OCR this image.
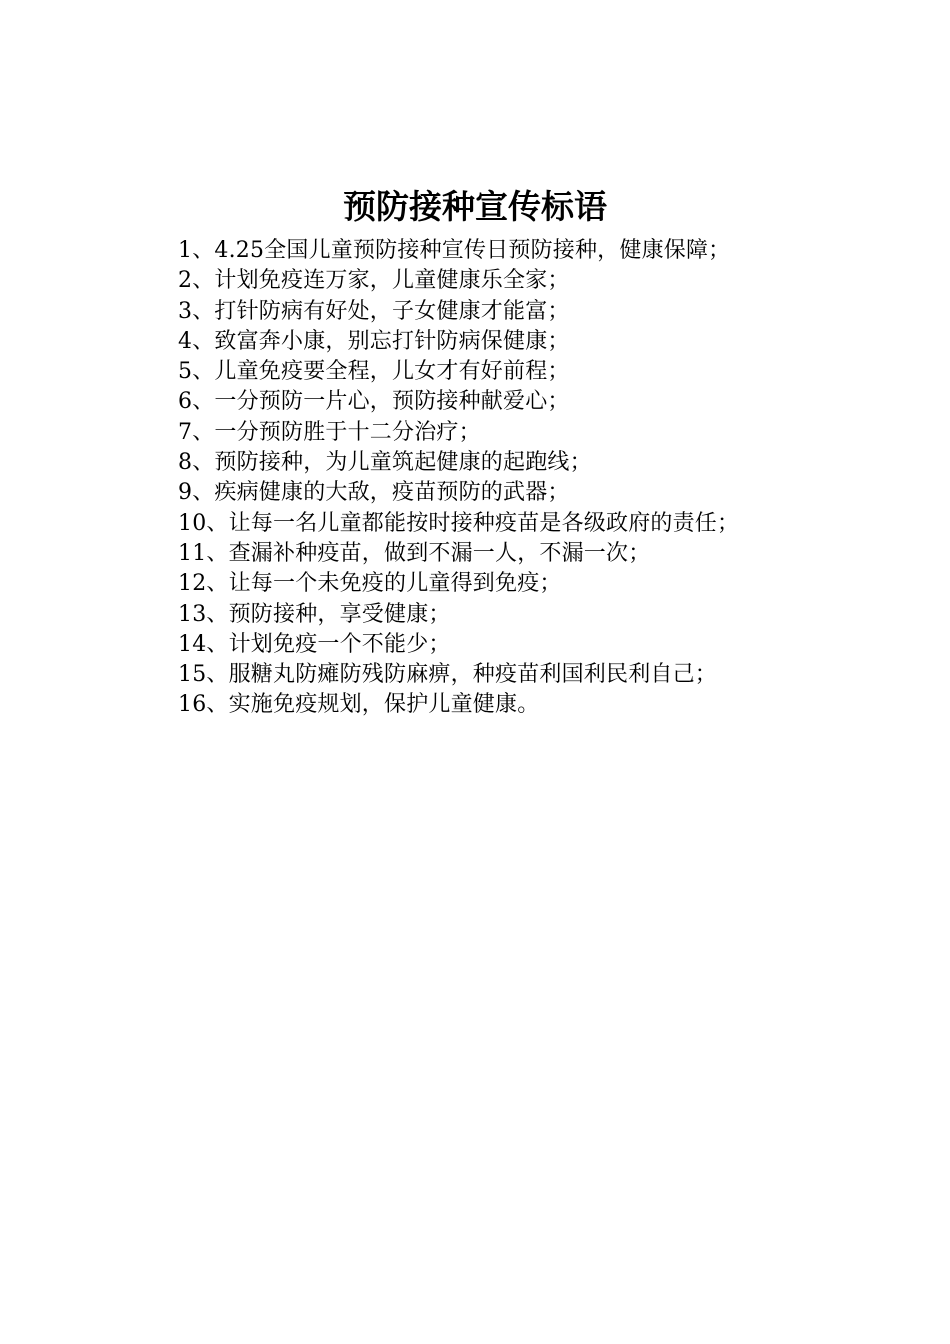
预防接种宣传标语
1、4.25全国儿童预防接种宣传日预防接种，健康保障；
2、计划免疫连万家，儿童健康乐全家；
3、打针防病有好处，子女健康才能富；
4、致富奔小康，别忘打针防病保健康；
5、儿童免疫要全程，儿女才有好前程；
6、一分预防一片心，预防接种献爱心；
7、一分预防胜于十二分治疗；
8、预防接种，为儿童筑起健康的起跑线；
9、疾病健康的大敌，疫苗预防的武器；
10、让每一名儿童都能按时接种疫苗是各级政府的责任；
11、查漏补种疫苗，做到不漏一人，不漏一次；
12、让每一个未免疫的儿童得到免疫；
13、预防接种，享受健康；
14、计划免疫一个不能少；
15、服糖丸防瘫防残防麻痹，种疫苗利国利民利自己；
16、实施免疫规划，保护儿童健康。
